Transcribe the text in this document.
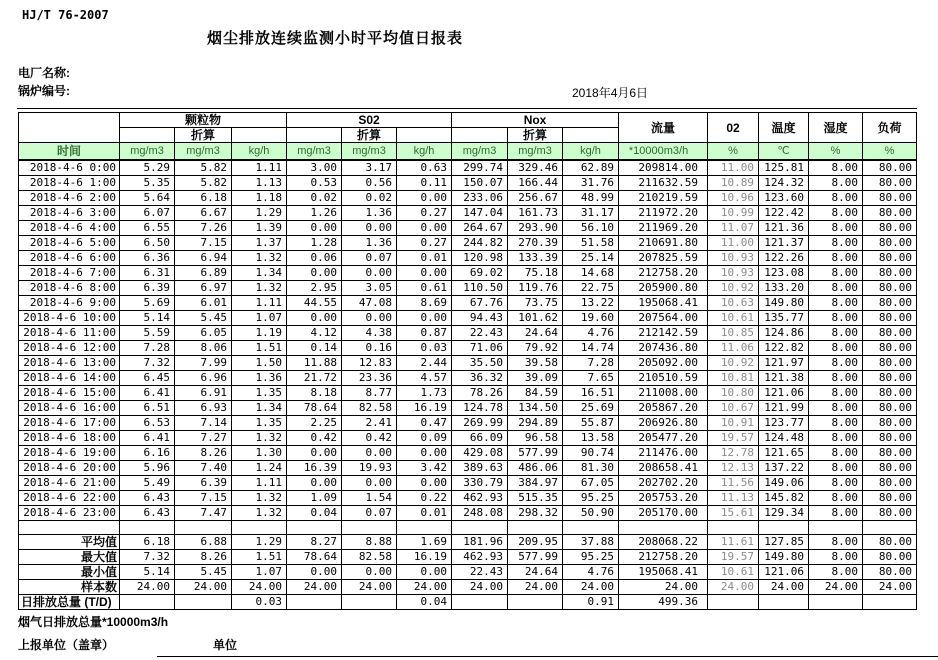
HJ/T 76-2007
烟尘排放连续监测小时平均值日报表
电厂名称:
锅炉编号:	2018年4月6日
	颗粒物			S02			Nox			流量	02	温度	湿度	负荷
		折算			折算			折算						
时间	mg/m3	mg/m3	kg/h	mg/m3	mg/m3	kg/h	mg/m3	mg/m3	kg/h	*10000m3/h	%	℃	%	%
2018-4-6 0:00	5.29	5.82	1.11	3.00	3.17	0.63	299.74	329.46	62.89	209814.00	11.00	125.81	8.00	80.00
2018-4-6 1:00	5.35	5.82	1.13	0.53	0.56	0.11	150.07	166.44	31.76	211632.59	10.89	124.32	8.00	80.00
2018-4-6 2:00	5.64	6.18	1.18	0.02	0.02	0.00	233.06	256.67	48.99	210219.59	10.96	123.60	8.00	80.00
2018-4-6 3:00	6.07	6.67	1.29	1.26	1.36	0.27	147.04	161.73	31.17	211972.20	10.99	122.42	8.00	80.00
2018-4-6 4:00	6.55	7.26	1.39	0.00	0.00	0.00	264.67	293.90	56.10	211969.20	11.07	121.36	8.00	80.00
2018-4-6 5:00	6.50	7.15	1.37	1.28	1.36	0.27	244.82	270.39	51.58	210691.80	11.00	121.37	8.00	80.00
2018-4-6 6:00	6.36	6.94	1.32	0.06	0.07	0.01	120.98	133.39	25.14	207825.59	10.93	122.26	8.00	80.00
2018-4-6 7:00	6.31	6.89	1.34	0.00	0.00	0.00	69.02	75.18	14.68	212758.20	10.93	123.08	8.00	80.00
2018-4-6 8:00	6.39	6.97	1.32	2.95	3.05	0.61	110.50	119.76	22.75	205900.80	10.92	133.20	8.00	80.00
2018-4-6 9:00	5.69	6.01	1.11	44.55	47.08	8.69	67.76	73.75	13.22	195068.41	10.63	149.80	8.00	80.00
2018-4-6 10:00	5.14	5.45	1.07	0.00	0.00	0.00	94.43	101.62	19.60	207564.00	10.61	135.77	8.00	80.00
2018-4-6 11:00	5.59	6.05	1.19	4.12	4.38	0.87	22.43	24.64	4.76	212142.59	10.85	124.86	8.00	80.00
2018-4-6 12:00	7.28	8.06	1.51	0.14	0.16	0.03	71.06	79.92	14.74	207436.80	11.06	122.82	8.00	80.00
2018-4-6 13:00	7.32	7.99	1.50	11.88	12.83	2.44	35.50	39.58	7.28	205092.00	10.92	121.97	8.00	80.00
2018-4-6 14:00	6.45	6.96	1.36	21.72	23.36	4.57	36.32	39.09	7.65	210510.59	10.81	121.38	8.00	80.00
2018-4-6 15:00	6.41	6.91	1.35	8.18	8.77	1.73	78.26	84.59	16.51	211008.00	10.80	121.06	8.00	80.00
2018-4-6 16:00	6.51	6.93	1.34	78.64	82.58	16.19	124.78	134.50	25.69	205867.20	10.67	121.99	8.00	80.00
2018-4-6 17:00	6.53	7.14	1.35	2.25	2.41	0.47	269.99	294.89	55.87	206926.80	10.91	123.77	8.00	80.00
2018-4-6 18:00	6.41	7.27	1.32	0.42	0.42	0.09	66.09	96.58	13.58	205477.20	19.57	124.48	8.00	80.00
2018-4-6 19:00	6.16	8.26	1.30	0.00	0.00	0.00	429.08	577.99	90.74	211476.00	12.78	121.65	8.00	80.00
2018-4-6 20:00	5.96	7.40	1.24	16.39	19.93	3.42	389.63	486.06	81.30	208658.41	12.13	137.22	8.00	80.00
2018-4-6 21:00	5.49	6.39	1.11	0.00	0.00	0.00	330.79	384.97	67.05	202702.20	11.56	149.06	8.00	80.00
2018-4-6 22:00	6.43	7.15	1.32	1.09	1.54	0.22	462.93	515.35	95.25	205753.20	11.13	145.82	8.00	80.00
2018-4-6 23:00	6.43	7.47	1.32	0.04	0.07	0.01	248.08	298.32	50.90	205170.00	15.61	129.34	8.00	80.00

平均值	6.18	6.88	1.29	8.27	8.88	1.69	181.96	209.95	37.88	208068.22	11.61	127.85	8.00	80.00
最大值	7.32	8.26	1.51	78.64	82.58	16.19	462.93	577.99	95.25	212758.20	19.57	149.80	8.00	80.00
最小值	5.14	5.45	1.07	0.00	0.00	0.00	22.43	24.64	4.76	195068.41	10.61	121.06	8.00	80.00
样本数	24.00	24.00	24.00	24.00	24.00	24.00	24.00	24.00	24.00	24.00	24.00	24.00	24.00	24.00
日排放总量 (T/D)			0.03			0.04			0.91	499.36				
烟气日排放总量*10000m3/h
上报单位（盖章）	单位
